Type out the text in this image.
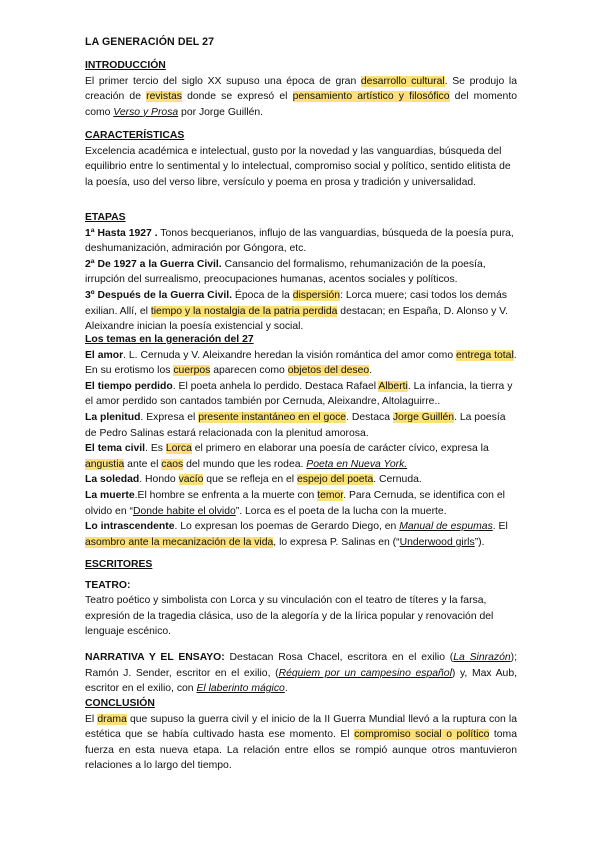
LA GENERACIÓN DEL 27
INTRODUCCIÓN
El primer tercio del siglo XX supuso una época de gran desarrollo cultural. Se produjo la creación de revistas donde se expresó el pensamiento artístico y filosófico del momento como Verso y Prosa por Jorge Guillén.
CARACTERÍSTICAS
Excelencia académica e intelectual, gusto por la novedad y las vanguardias, búsqueda del equilibrio entre lo sentimental y lo intelectual, compromiso social y político, sentido elitista de la poesía, uso del verso libre, versículo y poema en prosa y tradición y universalidad.
ETAPAS
1ª Hasta 1927 . Tonos becquerianos, influjo de las vanguardias, búsqueda de la poesía pura, deshumanización, admiración por Góngora, etc.
2ª De 1927 a la Guerra Civil. Cansancio del formalismo, rehumanización de la poesía, irrupción del surrealismo, preocupaciones humanas, acentos sociales y políticos.
3º Después de la Guerra Civil. Época de la dispersión: Lorca muere; casi todos los demás exilian. Allí, el tiempo y la nostalgia de la patria perdida destacan; en España, D. Alonso y V. Aleixandre inician la poesía existencial y social.
Los temas en la generación del 27
El amor. L. Cernuda y V. Aleixandre heredan la visión romántica del amor como entrega total. En su erotismo los cuerpos aparecen como objetos del deseo.
El tiempo perdido. El poeta anhela lo perdido. Destaca Rafael Alberti. La infancia, la tierra y el amor perdido son cantados también por Cernuda, Aleixandre, Altolaguirre..
La plenitud. Expresa el presente instantáneo en el goce. Destaca Jorge Guillén. La poesía de Pedro Salinas estará relacionada con la plenitud amorosa.
El tema civil. Es Lorca el primero en elaborar una poesía de carácter cívico, expresa la angustia ante el caos del mundo que les rodea. Poeta en Nueva York.
La soledad. Hondo vacío que se refleja en el espejo del poeta. Cernuda.
La muerte.El hombre se enfrenta a la muerte con temor. Para Cernuda, se identifica con el olvido en “Donde habite el olvido”. Lorca es el poeta de la lucha con la muerte.
Lo intrascendente. Lo expresan los poemas de Gerardo Diego, en Manual de espumas. El asombro ante la mecanización de la vida, lo expresa P. Salinas en (“Underwood girls”).
ESCRITORES
TEATRO:
Teatro poético y simbolista con Lorca y su vinculación con el teatro de títeres y la farsa, expresión de la tragedia clásica, uso de la alegoría y de la lírica popular y renovación del lenguaje escénico.
NARRATIVA Y EL ENSAYO: Destacan Rosa Chacel, escritora en el exilio (La Sinrazón); Ramón J. Sender, escritor en el exilio, (Réquiem por un campesino español) y, Max Aub, escritor en el exilio, con El laberinto mágico.
CONCLUSIÓN
El drama que supuso la guerra civil y el inicio de la II Guerra Mundial llevó a la ruptura con la estética que se había cultivado hasta ese momento. El compromiso social o político toma fuerza en esta nueva etapa. La relación entre ellos se rompió aunque otros mantuvieron relaciones a lo largo del tiempo.
